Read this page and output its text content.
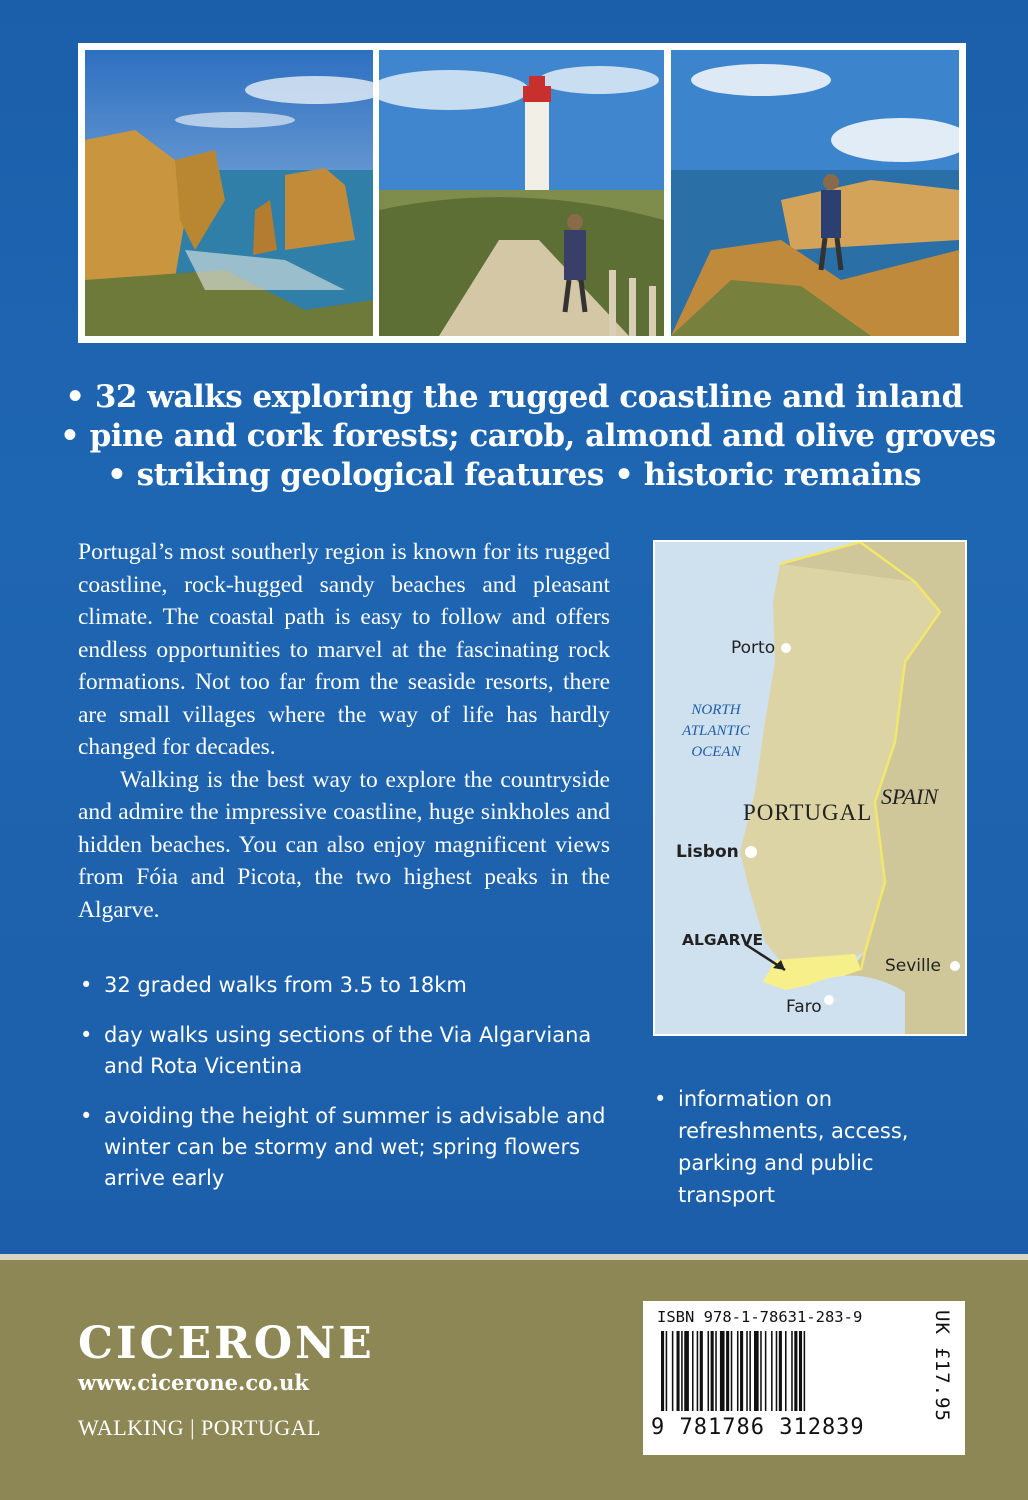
• 32 walks exploring the rugged coastline and inland
• pine and cork forests; carob, almond and olive groves
• striking geological features • historic remains

Portugal’s most southerly region is known for its rugged coastline, rock-hugged sandy beaches and pleasant climate. The coastal path is easy to follow and offers endless opportunities to marvel at the fascinating rock formations. Not too far from the seaside resorts, there are small villages where the way of life has hardly changed for decades.

Walking is the best way to explore the countryside and admire the impressive coastline, huge sinkholes and hidden beaches. You can also enjoy magnificent views from Fóia and Picota, the two highest peaks in the Algarve.

• 32 graded walks from 3.5 to 18km
• day walks using sections of the Via Algarviana and Rota Vicentina
• avoiding the height of summer is advisable and winter can be stormy and wet; spring flowers arrive early
Porto
NORTH
ATLANTIC
OCEAN
PORTUGAL
SPAIN
Lisbon
ALGARVE
Seville
Faro
• information on refreshments, access, parking and public transport
CICERONE
www.cicerone.co.uk
WALKING | PORTUGAL
ISBN 978-1-78631-283-9
9 781786 312839
UK £17.95
